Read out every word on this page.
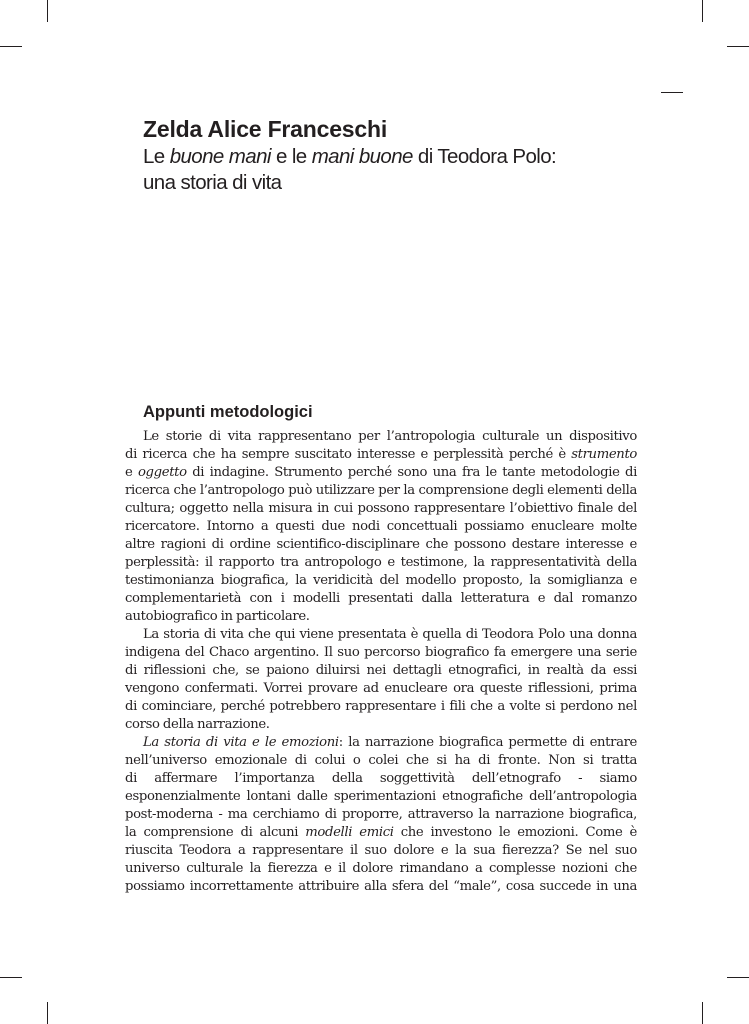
Zelda Alice Franceschi
Le buone mani e le mani buone di Teodora Polo:
una storia di vita
Appunti metodologici
Le storie di vita rappresentano per l’antropologia culturale un dispositivo
di ricerca che ha sempre suscitato interesse e perplessità perché è strumento
e oggetto di indagine. Strumento perché sono una fra le tante metodologie di
ricerca che l’antropologo può utilizzare per la comprensione degli elementi della
cultura; oggetto nella misura in cui possono rappresentare l’obiettivo finale del
ricercatore. Intorno a questi due nodi concettuali possiamo enucleare molte
altre ragioni di ordine scientifico-disciplinare che possono destare interesse e
perplessità: il rapporto tra antropologo e testimone, la rappresentatività della
testimonianza biografica, la veridicità del modello proposto, la somiglianza e
complementarietà con i modelli presentati dalla letteratura e dal romanzo
autobiografico in particolare.
La storia di vita che qui viene presentata è quella di Teodora Polo una donna
indigena del Chaco argentino. Il suo percorso biografico fa emergere una serie
di riflessioni che, se paiono diluirsi nei dettagli etnografici, in realtà da essi
vengono confermati. Vorrei provare ad enucleare ora queste riflessioni, prima
di cominciare, perché potrebbero rappresentare i fili che a volte si perdono nel
corso della narrazione.
La storia di vita e le emozioni: la narrazione biografica permette di entrare
nell’universo emozionale di colui o colei che si ha di fronte. Non si tratta
di affermare l’importanza della soggettività dell’etnografo - siamo
esponenzialmente lontani dalle sperimentazioni etnografiche dell’antropologia
post-moderna - ma cerchiamo di proporre, attraverso la narrazione biografica,
la comprensione di alcuni modelli emici che investono le emozioni. Come è
riuscita Teodora a rappresentare il suo dolore e la sua fierezza? Se nel suo
universo culturale la fierezza e il dolore rimandano a complesse nozioni che
possiamo incorrettamente attribuire alla sfera del “male”, cosa succede in una
